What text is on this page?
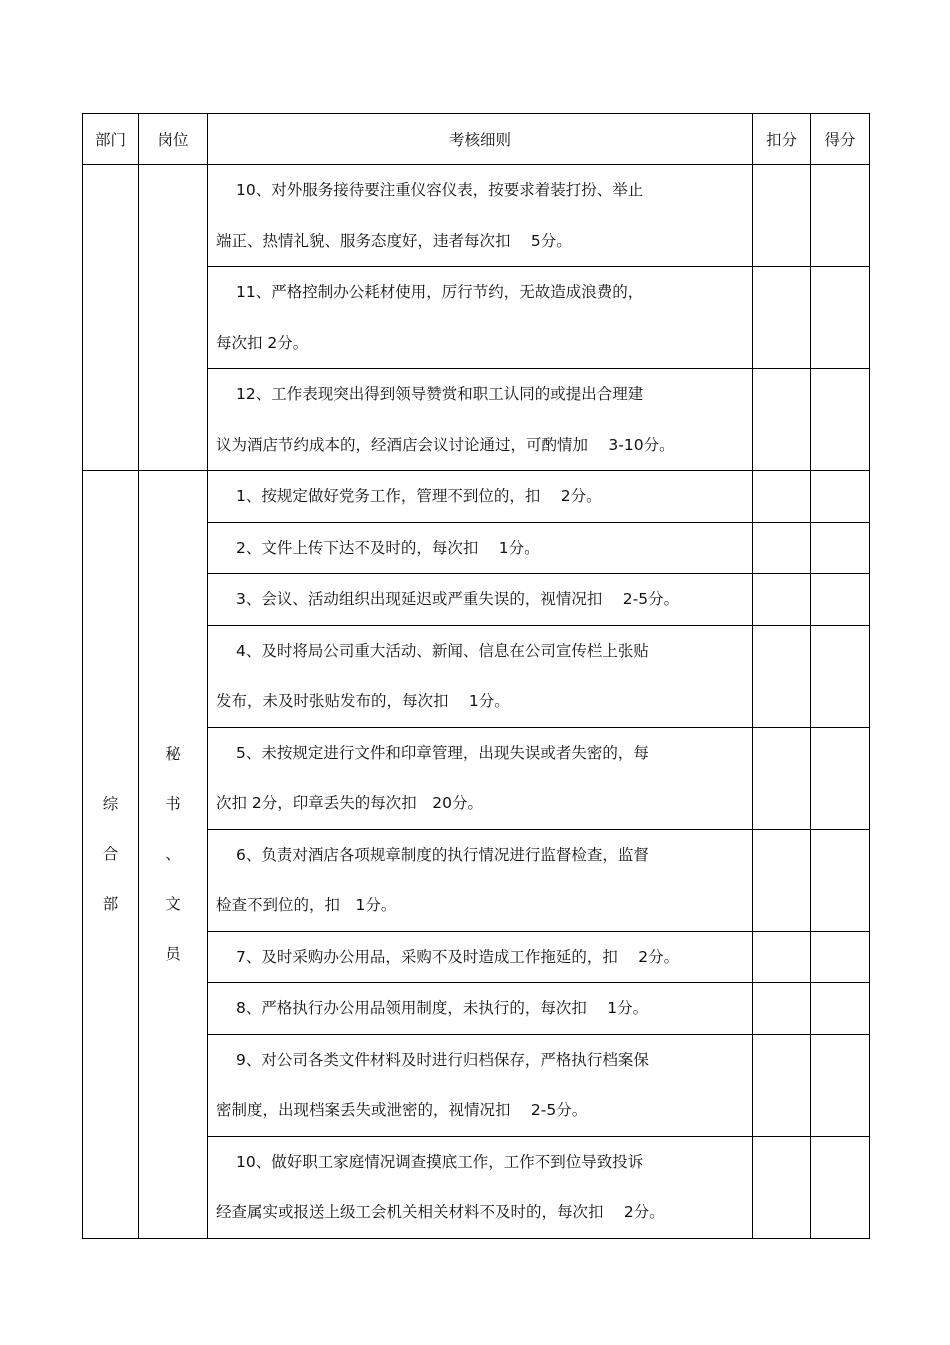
部门	岗位	考核细则	扣分	得分

		10、对外服务接待要注重仪容仪表，按要求着装打扮、举止
端正、热情礼貌、服务态度好，违者每次扣　 5分。		

		11、严格控制办公耗材使用，厉行节约，无故造成浪费的，
每次扣 2分。		

		12、工作表现突出得到领导赞赏和职工认同的或提出合理建
议为酒店节约成本的，经酒店会议讨论通过，可酌情加　 3-10分。		

综
合
部	秘
书
、
文
员	1、按规定做好党务工作，管理不到位的，扣　 2分。		

		2、文件上传下达不及时的，每次扣　 1分。		

		3、会议、活动组织出现延迟或严重失误的，视情况扣　 2-5分。		

		4、及时将局公司重大活动、新闻、信息在公司宣传栏上张贴
发布，未及时张贴发布的，每次扣　 1分。		

		5、未按规定进行文件和印章管理，出现失误或者失密的，每
次扣 2分，印章丢失的每次扣　20分。		

		6、负责对酒店各项规章制度的执行情况进行监督检查，监督
检查不到位的，扣　1分。		

		7、及时采购办公用品，采购不及时造成工作拖延的，扣　 2分。		

		8、严格执行办公用品领用制度，未执行的，每次扣　 1分。		

		9、对公司各类文件材料及时进行归档保存，严格执行档案保
密制度，出现档案丢失或泄密的，视情况扣　 2-5分。		

		10、做好职工家庭情况调查摸底工作，工作不到位导致投诉
经查属实或报送上级工会机关相关材料不及时的，每次扣　 2分。		
